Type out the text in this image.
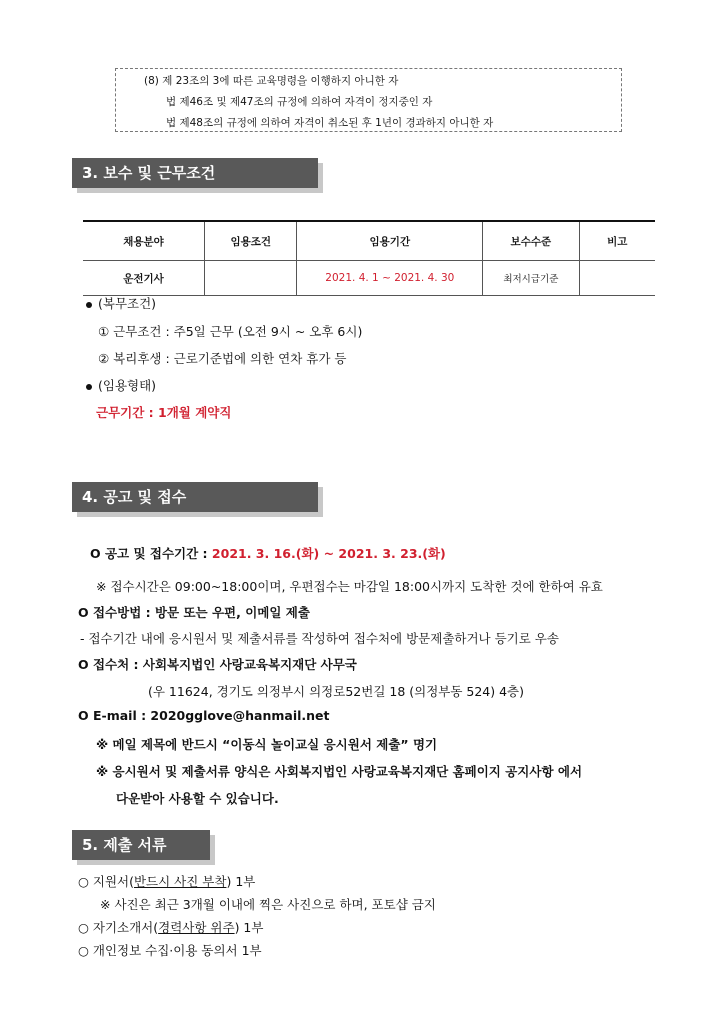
(8) 제 23조의 3에 따른 교육명령을 이행하지 아니한 자
법 제46조 및 제47조의 규정에 의하여 자격이 정지중인 자
법 제48조의 규정에 의하여 자격이 취소된 후 1년이 경과하지 아니한 자
3. 보수 및 근무조건
채용분야	임용조건	임용기간	보수수준	비고
운전기사		2021. 4. 1 ~ 2021. 4. 30	최저시급기준	
(복무조건)
① 근무조건 : 주5일 근무 (오전 9시 ~ 오후 6시)
② 복리후생 : 근로기준법에 의한 연차 휴가 등
(임용형태)
근무기간 : 1개월 계약직
4. 공고 및 접수
O 공고 및 접수기간 : 2021. 3. 16.(화) ~ 2021. 3. 23.(화)
※ 접수시간은 09:00~18:00이며, 우편접수는 마감일 18:00시까지 도착한 것에 한하여 유효
O 접수방법 : 방문 또는 우편, 이메일 제출
- 접수기간 내에 응시원서 및 제출서류를 작성하여 접수처에 방문제출하거나 등기로 우송
O 접수처 : 사회복지법인 사랑교육복지재단 사무국
(우 11624, 경기도 의정부시 의정로52번길 18 (의정부동 524) 4층)
O E-mail : 2020gglove@hanmail.net
※ 메일 제목에 반드시 “이동식 놀이교실 응시원서 제출” 명기
※ 응시원서 및 제출서류 양식은 사회복지법인 사랑교육복지재단 홈페이지 공지사항 에서
다운받아 사용할 수 있습니다.
5. 제출 서류
○ 지원서(반드시 사진 부착) 1부
※ 사진은 최근 3개월 이내에 찍은 사진으로 하며, 포토샵 금지
○ 자기소개서(경력사항 위주) 1부
○ 개인정보 수집·이용 동의서 1부
